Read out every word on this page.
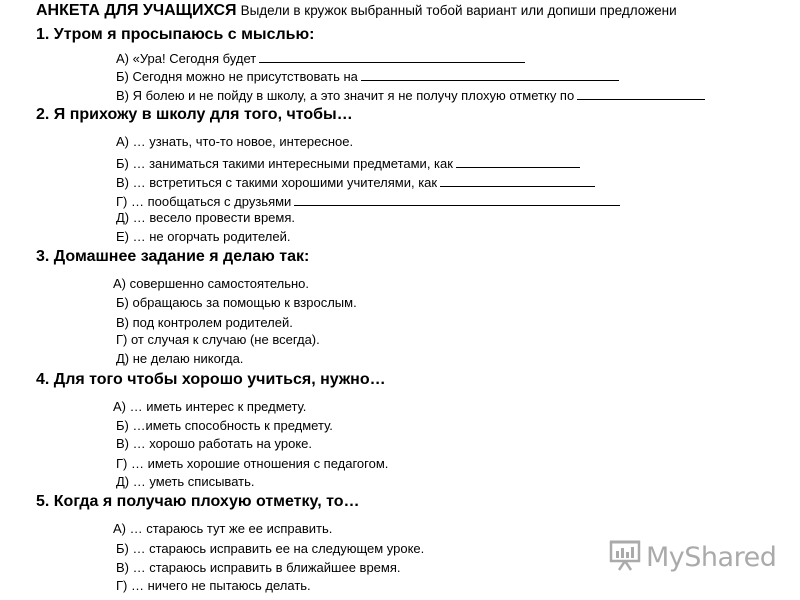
АНКЕТА ДЛЯ УЧАЩИХСЯ Выдели в кружок выбранный тобой вариант или допиши предложени
1. Утром я просыпаюсь с мыслью:
А) «Ура! Сегодня будет
Б) Сегодня можно не присутствовать на
В) Я болею и не пойду в школу, а это значит я не получу плохую отметку по
2. Я прихожу в школу для того, чтобы…
А) … узнать, что-то новое, интересное.
Б) … заниматься такими интересными предметами, как
В) … встретиться с такими хорошими учителями, как
Г) … пообщаться с друзьями
Д) … весело провести время.
Е) … не огорчать родителей.
3. Домашнее задание я делаю так:
А) совершенно самостоятельно.
Б) обращаюсь за помощью к взрослым.
В) под контролем родителей.
Г) от случая к случаю (не всегда).
Д) не делаю никогда.
4. Для того чтобы хорошо учиться, нужно…
А) … иметь интерес к предмету.
Б) …иметь способность к предмету.
В) … хорошо работать на уроке.
Г) … иметь хорошие отношения с педагогом.
Д) … уметь списывать.
5. Когда я получаю плохую отметку, то…
А) … стараюсь тут же ее исправить.
Б) … стараюсь исправить ее на следующем уроке.
В) … стараюсь исправить в ближайшее время.
Г) … ничего не пытаюсь делать.
MyShared
